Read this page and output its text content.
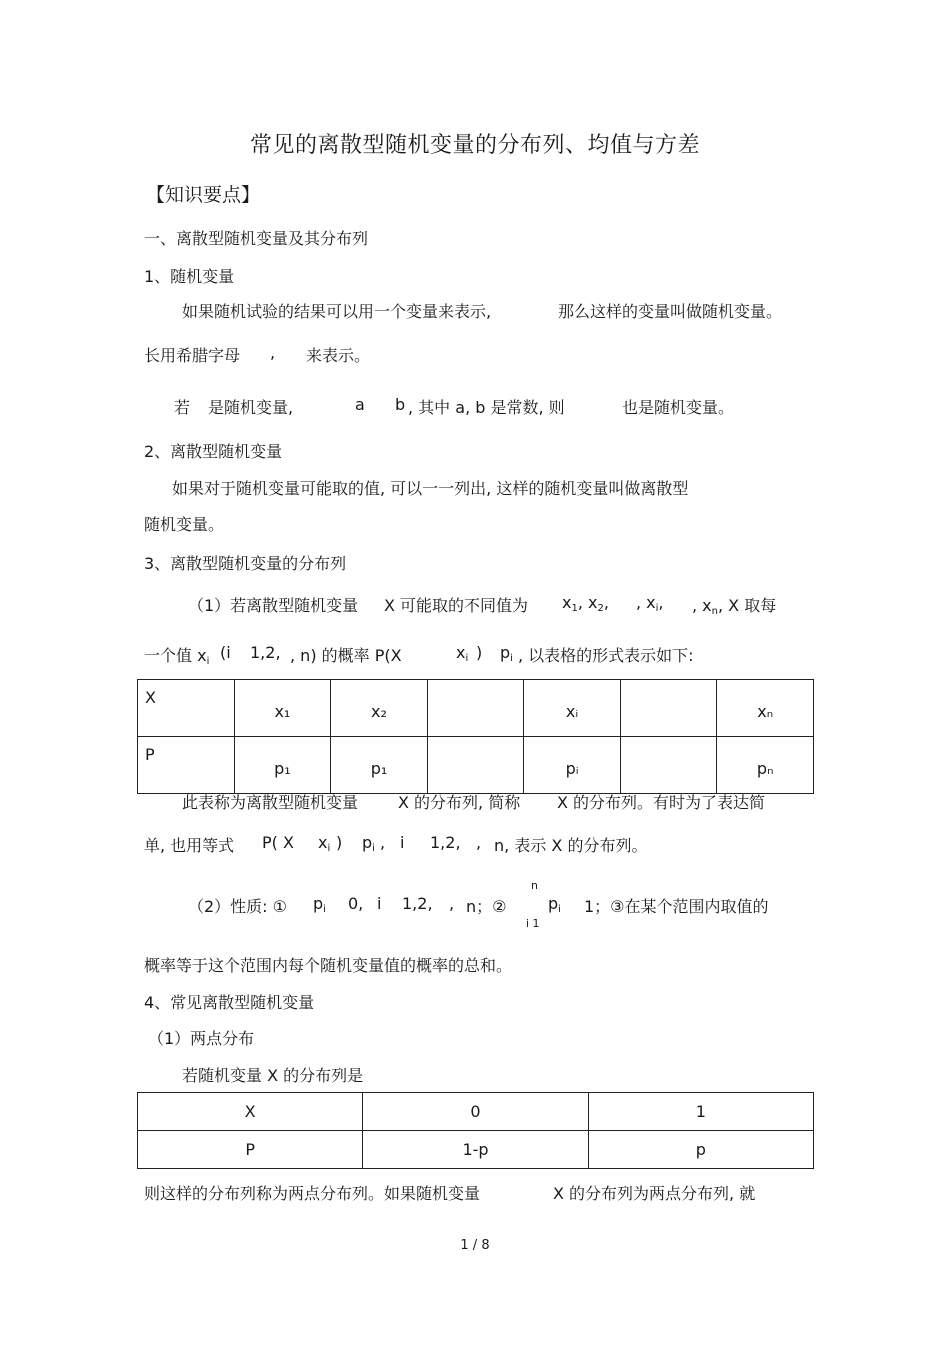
常见的离散型随机变量的分布列、均值与方差
【知识要点】
一、离散型随机变量及其分布列
1、随机变量
如果随机试验的结果可以用一个变量来表示,	那么这样的变量叫做随机变量。
长用希腊字母 , 来表示。
若 是随机变量,	a b , 其中 a, b 是常数, 则	也是随机变量。
2、离散型随机变量
如果对于随机变量可能取的值, 可以一一列出, 这样的随机变量叫做离散型
随机变量。
3、离散型随机变量的分布列
（1）若离散型随机变量 X 可能取的不同值为 $x_1$, $x_2$, , $x_i$, , $x_n$, X 取每
一个值 $x_i$ (i 1,2, , n) 的概率 P(X	$x_i$ ) $p_i$ , 以表格的形式表示如下:
X	x₁	x₂		xᵢ		xₙ
P	p₁	p₁		pᵢ		pₙ
此表称为离散型随机变量 X 的分布列, 简称 X 的分布列。有时为了表达简
单, 也用等式 P( X $x_i$ ) $p_i$ , i 1,2, , n, 表示 X 的分布列。
（2）性质: ① $p_i$ 0, i 1,2, , n；②
n
i 1
$p_i$ 1；③在某个范围内取值的
概率等于这个范围内每个随机变量值的概率的总和。
4、常见离散型随机变量
（1）两点分布
若随机变量 X 的分布列是
X	0	1
P	1-p	p
则这样的分布列称为两点分布列。如果随机变量	X 的分布列为两点分布列, 就
1 / 8
